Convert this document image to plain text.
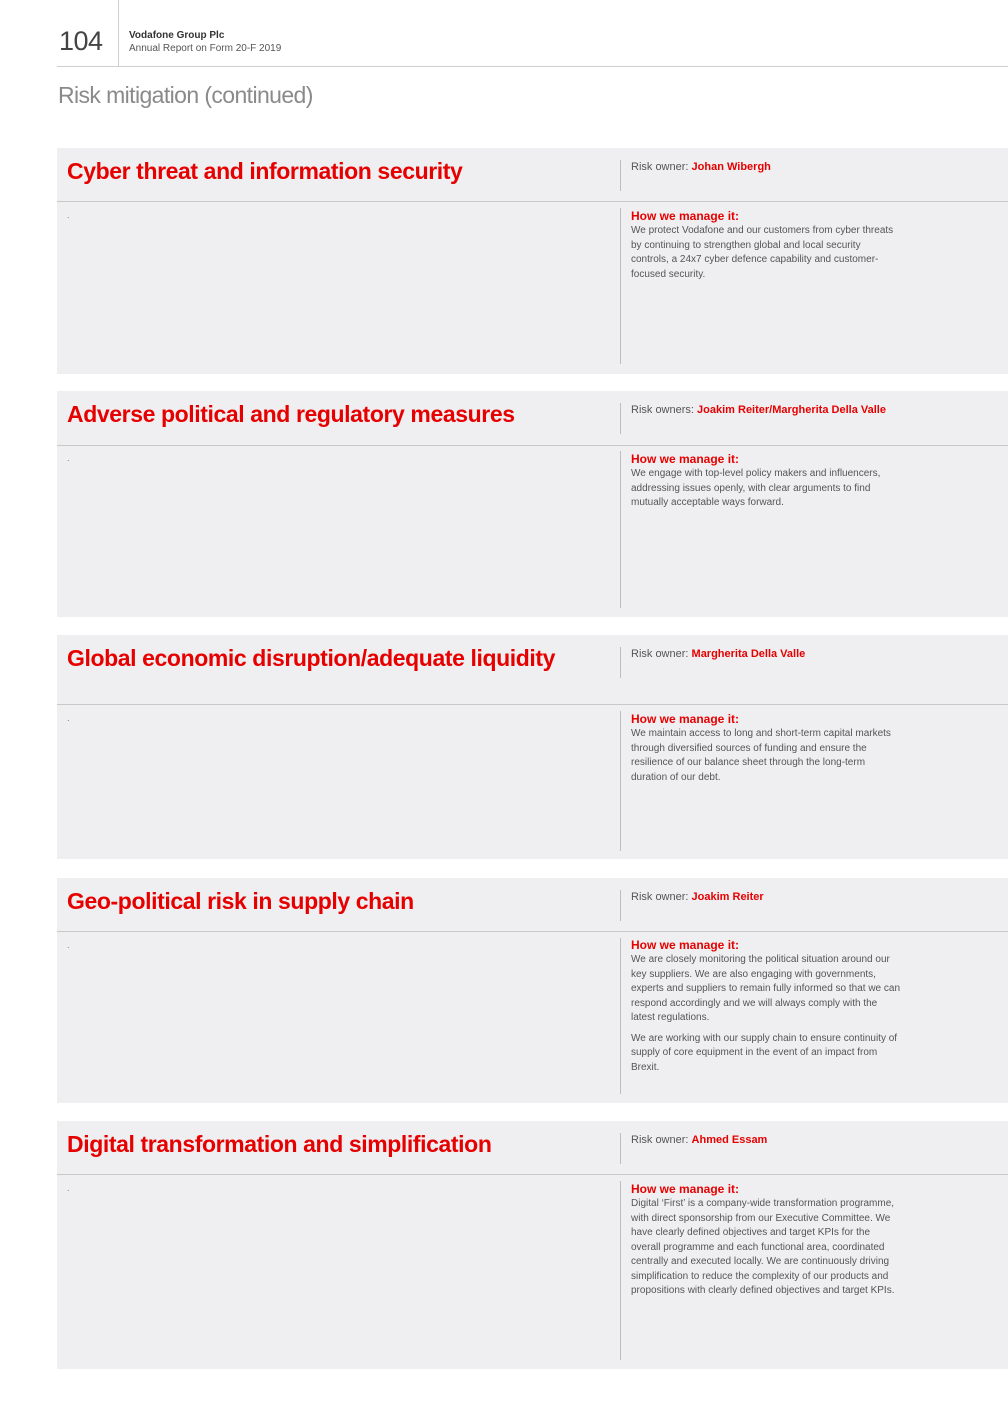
104	Vodafone Group Plc
Annual Report on Form 20-F 2019
Risk mitigation (continued)
Cyber threat and information security	Risk owner: Johan Wibergh
.	How we manage it:

We protect Vodafone and our customers from cyber threats by continuing to strengthen global and local security controls, a 24x7 cyber defence capability and customer-focused security.

Adverse political and regulatory measures	Risk owners: Joakim Reiter/Margherita Della Valle
.	How we manage it:

We engage with top-level policy makers and influencers, addressing issues openly, with clear arguments to find mutually acceptable ways forward.

Global economic disruption/adequate liquidity	Risk owner: Margherita Della Valle
.	How we manage it:

We maintain access to long and short-term capital markets through diversified sources of funding and ensure the resilience of our balance sheet through the long-term duration of our debt.

Geo-political risk in supply chain	Risk owner: Joakim Reiter
.	How we manage it:

We are closely monitoring the political situation around our key suppliers. We are also engaging with governments, experts and suppliers to remain fully informed so that we can respond accordingly and we will always comply with the latest regulations.

We are working with our supply chain to ensure continuity of supply of core equipment in the event of an impact from Brexit.

Digital transformation and simplification	Risk owner: Ahmed Essam
.	How we manage it:

Digital ‘First’ is a company-wide transformation programme, with direct sponsorship from our Executive Committee. We have clearly defined objectives and target KPIs for the overall programme and each functional area, coordinated centrally and executed locally. We are continuously driving simplification to reduce the complexity of our products and propositions with clearly defined objectives and target KPIs.
